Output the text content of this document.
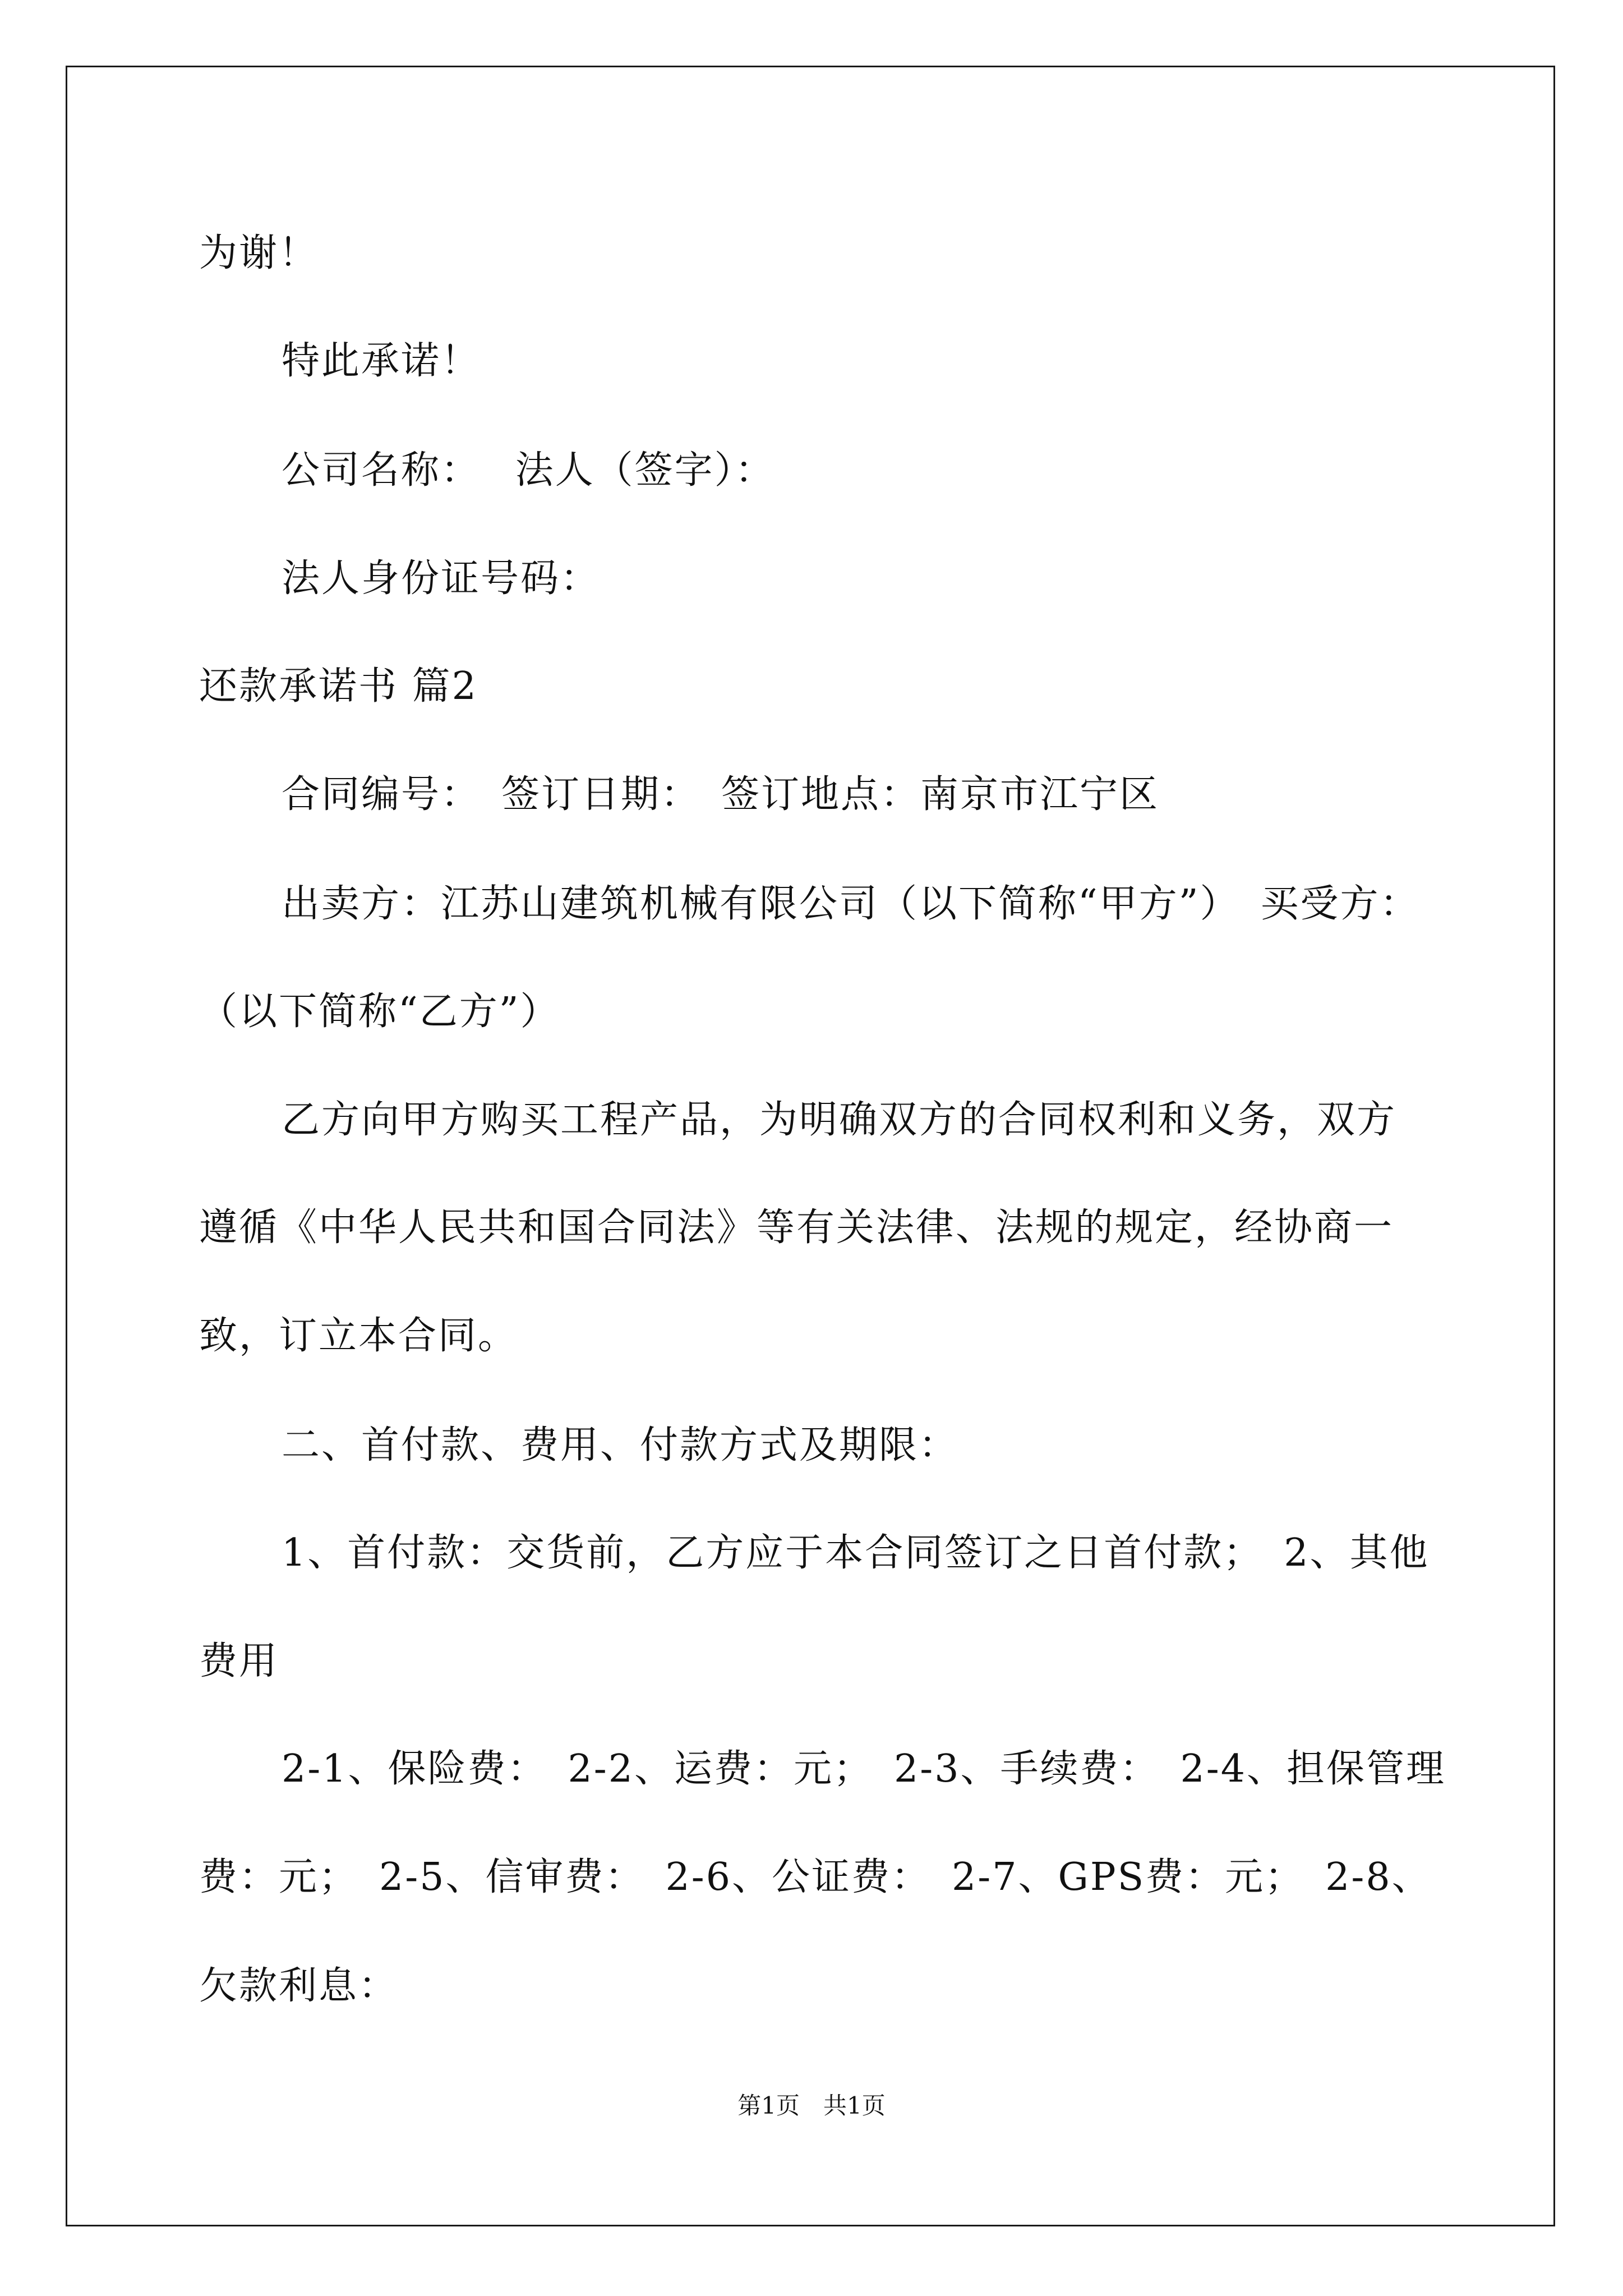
为谢！
特此承诺！
公司名称：　 法人（签字）：
法人身份证号码：
还款承诺书 篇2
合同编号：　签订日期：　签订地点：南京市江宁区
出卖方：江苏山建筑机械有限公司（以下简称“甲方”）　买受方：
（以下简称“乙方”）
乙方向甲方购买工程产品，为明确双方的合同权利和义务，双方
遵循《中华人民共和国合同法》等有关法律、法规的规定，经协商一
致，订立本合同。
二、首付款、费用、付款方式及期限：
1、首付款：交货前，乙方应于本合同签订之日首付款；　2、其他
费用
2-1、保险费：　2-2、运费：元；　2-3、手续费：　2-4、担保管理
费：元；　2-5、信审费：　2-6、公证费：　2-7、GPS费：元；　2-8、
欠款利息：
第1页　共1页
